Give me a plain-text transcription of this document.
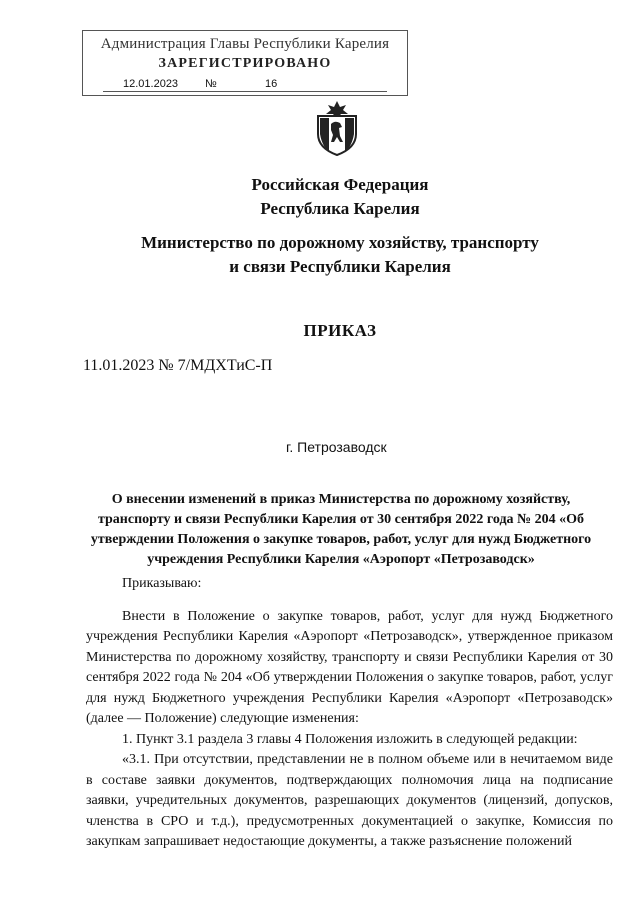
Администрация Главы Республики Карелия
ЗАРЕГИСТРИРОВАНО
12.01.2023 №	16
Российская Федерация
Республика Карелия
Министерство по дорожному хозяйству, транспорту
и связи Республики Карелия
ПРИКАЗ
11.01.2023 № 7/МДХТиС-П
г. Петрозаводск
О внесении изменений в приказ Министерства по дорожному хозяйству, транспорту и связи Республики Карелия от 30 сентября 2022 года № 204 «Об утверждении Положения о закупке товаров, работ, услуг для нужд Бюджетного учреждения Республики Карелия «Аэропорт «Петрозаводск»

Приказываю:

Внести в Положение о закупке товаров, работ, услуг для нужд Бюджетного учреждения Республики Карелия «Аэропорт «Петрозаводск», утвержденное приказом Министерства по дорожному хозяйству, транспорту и связи Республики Карелия от 30 сентября 2022 года № 204 «Об утверждении Положения о закупке товаров, работ, услуг для нужд Бюджетного учреждения Республики Карелия «Аэропорт «Петрозаводск» (далее — Положение) следующие изменения:

1. Пункт 3.1 раздела 3 главы 4 Положения изложить в следующей редакции:

«3.1. При отсутствии, представлении не в полном объеме или в нечитаемом виде в составе заявки документов, подтверждающих полномочия лица на подписание заявки, учредительных документов, разрешающих документов (лицензий, допусков, членства в СРО и т.д.), предусмотренных документацией о закупке, Комиссия по закупкам запрашивает недостающие документы, а также разъяснение положений
